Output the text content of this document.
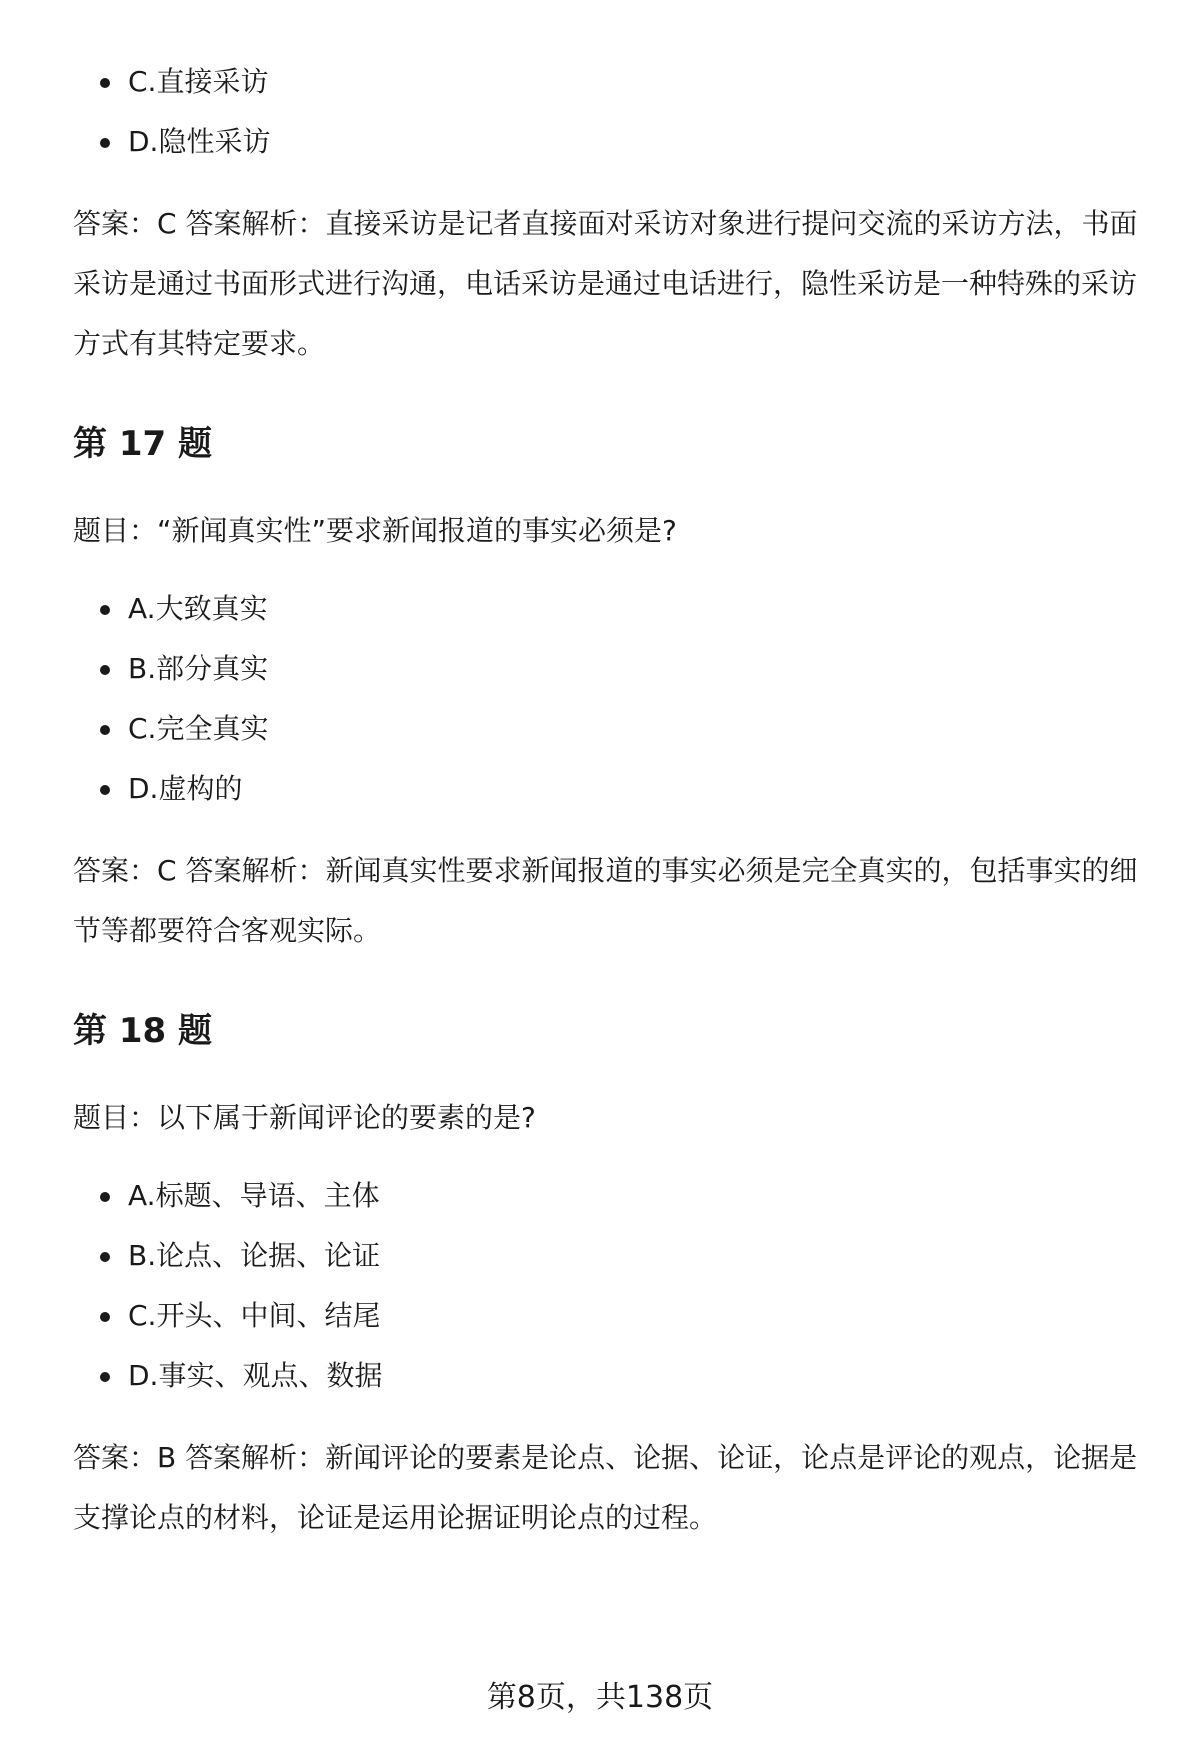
C.直接采访
D.隐性采访

答案：C 答案解析：直接采访是记者直接面对采访对象进行提问交流的采访方法，书面采访是通过书面形式进行沟通，电话采访是通过电话进行，隐性采访是一种特殊的采访方式有其特定要求。

第 17 题

题目：“新闻真实性”要求新闻报道的事实必须是?

A.大致真实
B.部分真实
C.完全真实
D.虚构的

答案：C 答案解析：新闻真实性要求新闻报道的事实必须是完全真实的，包括事实的细节等都要符合客观实际。

第 18 题

题目：以下属于新闻评论的要素的是?

A.标题、导语、主体
B.论点、论据、论证
C.开头、中间、结尾
D.事实、观点、数据

答案：B 答案解析：新闻评论的要素是论点、论据、论证，论点是评论的观点，论据是支撑论点的材料，论证是运用论据证明论点的过程。

第8页，共138页
